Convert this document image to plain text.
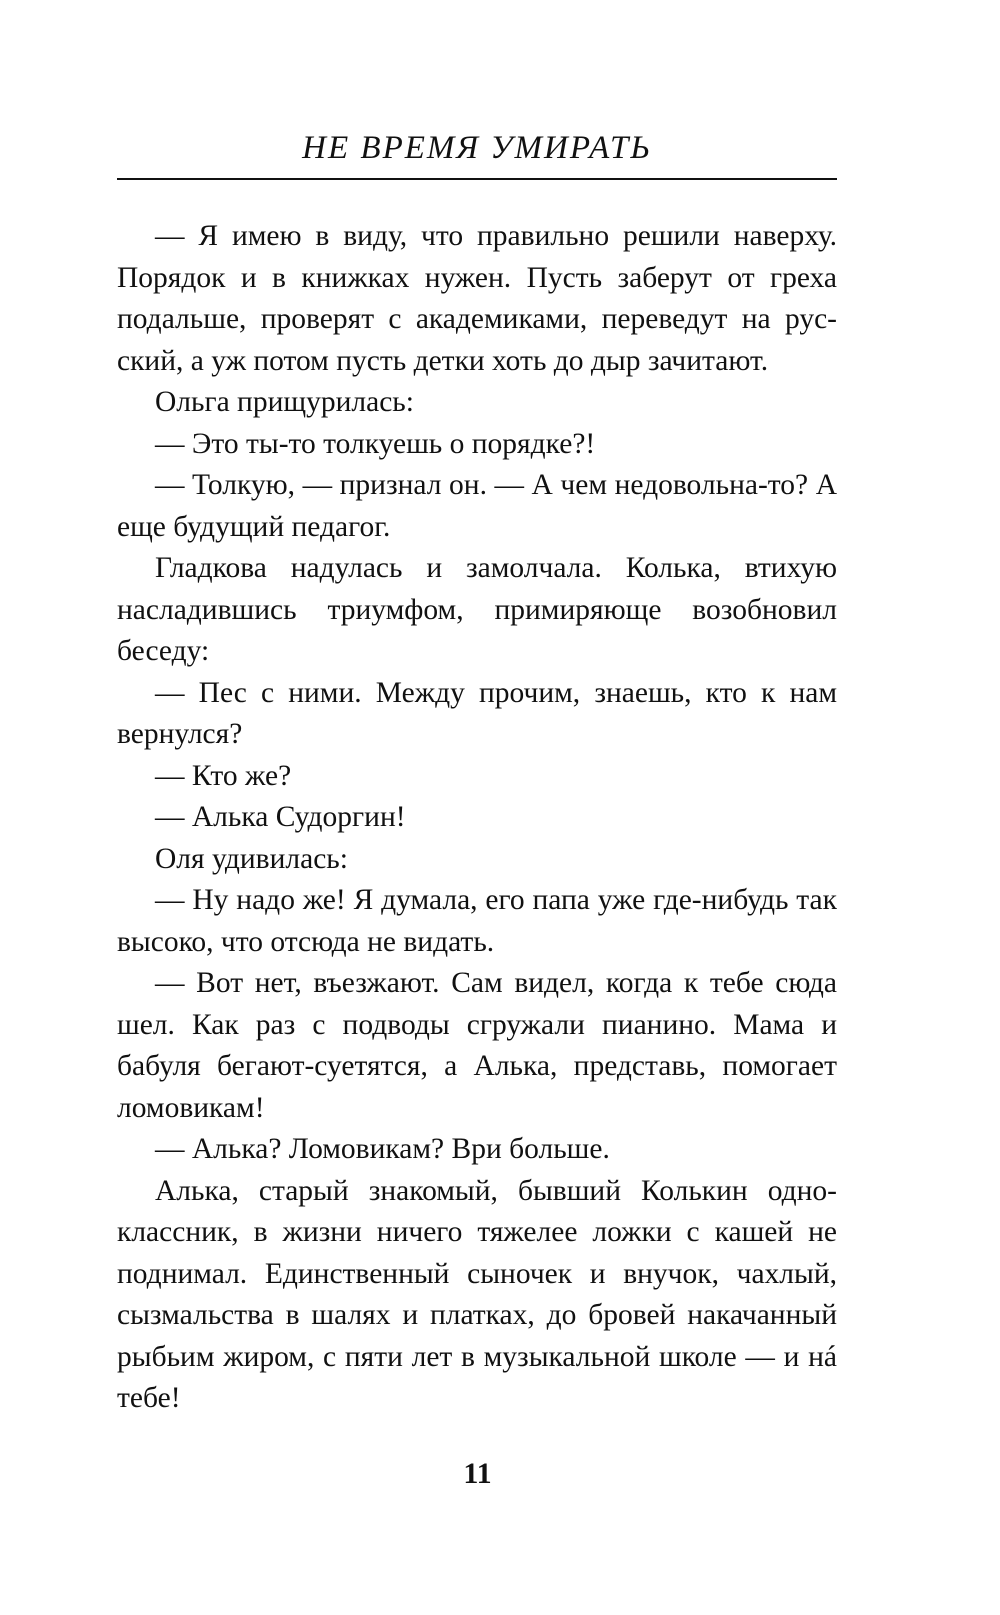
НЕ ВРЕМЯ УМИРАТЬ

— Я имею в виду, что правильно решили наверху. Порядок и в книжках нужен. Пусть заберут от греха подальше, проверят с академиками, переведут на русский, а уж потом пусть детки хоть до дыр зачитают.

Ольга прищурилась:

— Это ты-то толкуешь о порядке?!

— Толкую, — признал он. — А чем недовольна-то? А еще будущий педагог.

Гладкова надулась и замолчала. Колька, втихую насладившись триумфом, примиряюще возобновил беседу:

— Пес с ними. Между прочим, знаешь, кто к нам вернулся?

— Кто же?

— Алька Судоргин!

Оля удивилась:

— Ну надо же! Я думала, его папа уже где-нибудь так высоко, что отсюда не видать.

— Вот нет, въезжают. Сам видел, когда к тебе сюда шел. Как раз с подводы сгружали пианино. Мама и бабуля бегают-суетятся, а Алька, представь, помогает ломовикам!

— Алька? Ломовикам? Ври больше.

Алька, старый знакомый, бывший Колькин одноклассник, в жизни ничего тяжелее ложки с кашей не поднимал. Единственный сыночек и внучок, чахлый, сызмальства в шалях и платках, до бровей накачанный рыбьим жиром, с пяти лет в музыкальной школе — и нá тебе!

11
